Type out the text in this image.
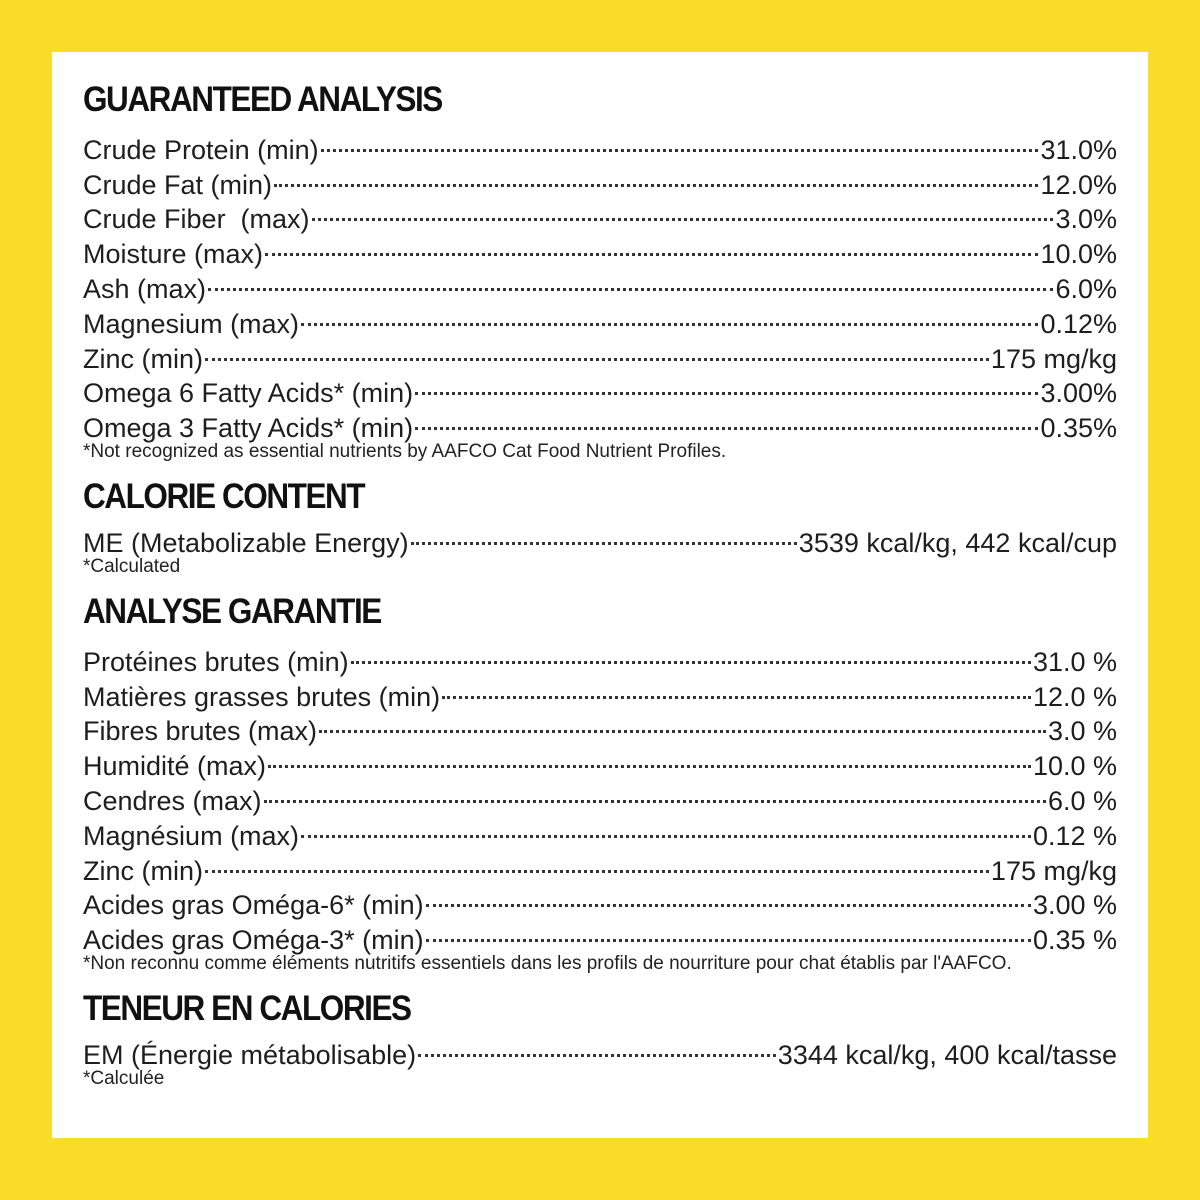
GUARANTEED ANALYSIS
Crude Protein (min)	31.0%
Crude Fat (min)	12.0%
Crude Fiber  (max)	3.0%
Moisture (max)	10.0%
Ash (max)	6.0%
Magnesium (max)	0.12%
Zinc (min)	175 mg/kg
Omega 6 Fatty Acids* (min)	3.00%
Omega 3 Fatty Acids* (min)	0.35%
*Not recognized as essential nutrients by AAFCO Cat Food Nutrient Profiles.
CALORIE CONTENT
ME (Metabolizable Energy)	3539 kcal/kg, 442 kcal/cup
*Calculated
ANALYSE GARANTIE
Protéines brutes (min)	31.0 %
Matières grasses brutes (min)	12.0 %
Fibres brutes (max)	3.0 %
Humidité (max)	10.0 %
Cendres (max)	6.0 %
Magnésium (max)	0.12 %
Zinc (min)	175 mg/kg
Acides gras Oméga-6* (min)	3.00 %
Acides gras Oméga-3* (min)	0.35 %
*Non reconnu comme éléments nutritifs essentiels dans les profils de nourriture pour chat établis par l'AAFCO.
TENEUR EN CALORIES
EM (Énergie métabolisable)	3344 kcal/kg, 400 kcal/tasse
*Calculée
